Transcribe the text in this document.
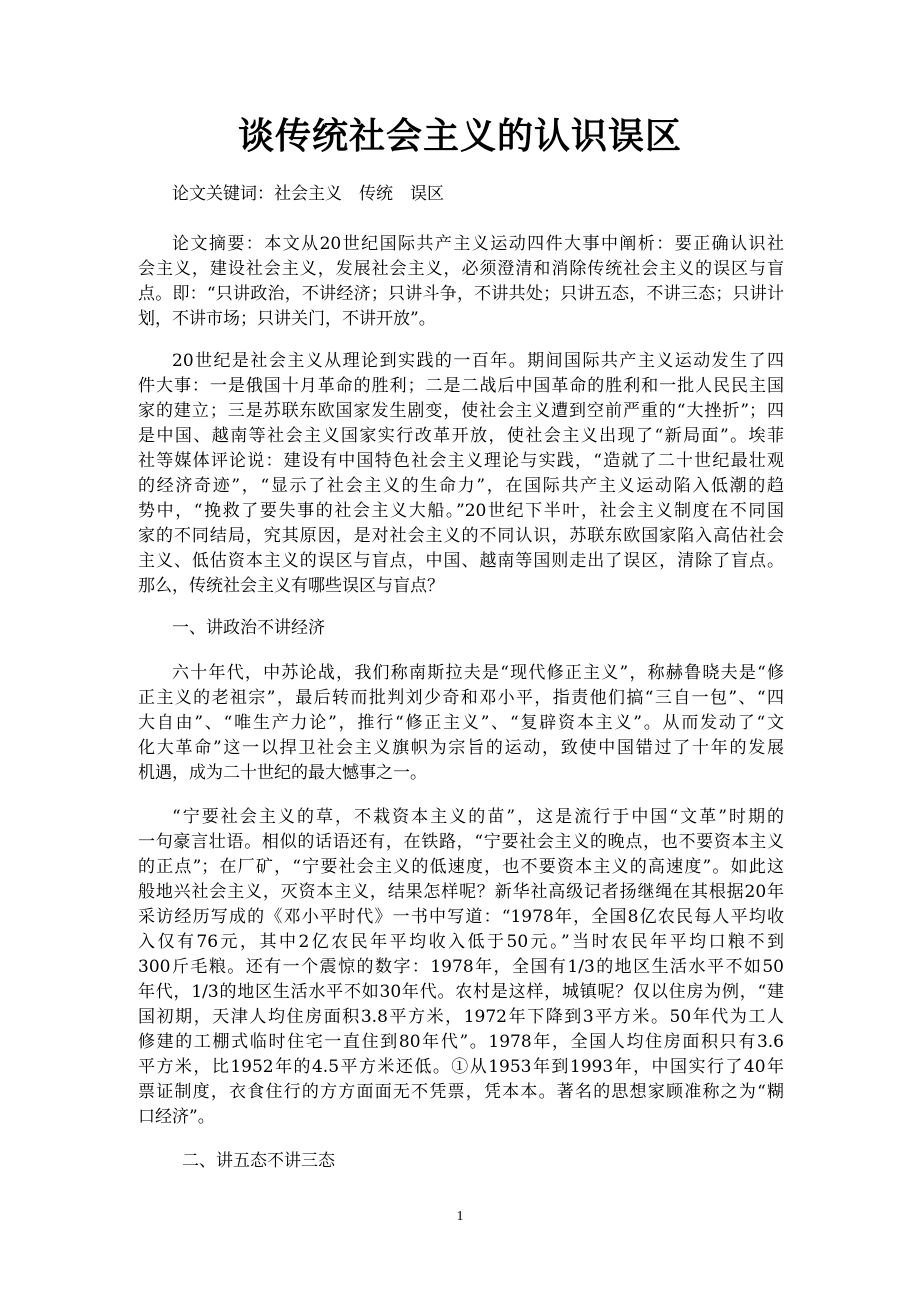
谈传统社会主义的认识误区
论文关键词：社会主义　传统　误区
论文摘要：本文从20世纪国际共产主义运动四件大事中阐析：要正确认识社
会主义，建设社会主义，发展社会主义，必须澄清和消除传统社会主义的误区与盲
点。即：“只讲政治，不讲经济；只讲斗争，不讲共处；只讲五态，不讲三态；只讲计
划，不讲市场；只讲关门，不讲开放”。
20世纪是社会主义从理论到实践的一百年。期间国际共产主义运动发生了四
件大事：一是俄国十月革命的胜利；二是二战后中国革命的胜利和一批人民民主国
家的建立；三是苏联东欧国家发生剧变，使社会主义遭到空前严重的“大挫折”；四
是中国、越南等社会主义国家实行改革开放，使社会主义出现了“新局面”。埃菲
社等媒体评论说：建设有中国特色社会主义理论与实践，“造就了二十世纪最壮观
的经济奇迹”，“显示了社会主义的生命力”，在国际共产主义运动陷入低潮的趋
势中，“挽救了要失事的社会主义大船。”20世纪下半叶，社会主义制度在不同国
家的不同结局，究其原因，是对社会主义的不同认识，苏联东欧国家陷入高估社会
主义、低估资本主义的误区与盲点，中国、越南等国则走出了误区，清除了盲点。
那么，传统社会主义有哪些误区与盲点？
一、讲政治不讲经济
六十年代，中苏论战，我们称南斯拉夫是“现代修正主义”，称赫鲁晓夫是“修
正主义的老祖宗”，最后转而批判刘少奇和邓小平，指责他们搞“三自一包”、“四
大自由”、“唯生产力论”，推行“修正主义”、“复辟资本主义”。从而发动了“文
化大革命”这一以捍卫社会主义旗帜为宗旨的运动，致使中国错过了十年的发展
机遇，成为二十世纪的最大憾事之一。
“宁要社会主义的草，不栽资本主义的苗”，这是流行于中国“文革”时期的
一句豪言壮语。相似的话语还有，在铁路，“宁要社会主义的晚点，也不要资本主义
的正点”；在厂矿，“宁要社会主义的低速度，也不要资本主义的高速度”。如此这
般地兴社会主义，灭资本主义，结果怎样呢？新华社高级记者扬继绳在其根据20年
采访经历写成的《邓小平时代》一书中写道：“1978年，全国8亿农民每人平均收
入仅有76元，其中2亿农民年平均收入低于50元。”当时农民年平均口粮不到
300斤毛粮。还有一个震惊的数字：1978年，全国有1/3的地区生活水平不如50
年代，1/3的地区生活水平不如30年代。农村是这样，城镇呢？仅以住房为例，“建
国初期，天津人均住房面积3.8平方米，1972年下降到3平方米。50年代为工人
修建的工棚式临时住宅一直住到80年代”。1978年，全国人均住房面积只有3.6
平方米，比1952年的4.5平方米还低。①从1953年到1993年，中国实行了40年
票证制度，衣食住行的方方面面无不凭票，凭本本。著名的思想家顾准称之为“糊
口经济”。
二、讲五态不讲三态
1
